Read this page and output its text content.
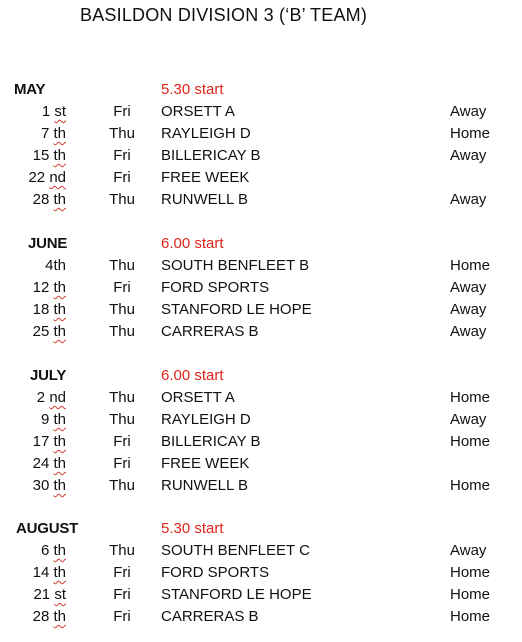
BASILDON DIVISION 3 (‘B’ TEAM)
MAY	5.30 start
1 st	Fri	ORSETT A	Away
7 th	Thu	RAYLEIGH D	Home
15 th	Fri	BILLERICAY B	Away
22 nd	Fri	FREE WEEK
28 th	Thu	RUNWELL B	Away
JUNE	6.00 start
4th	Thu	SOUTH BENFLEET B	Home
12 th	Fri	FORD SPORTS	Away
18 th	Thu	STANFORD LE HOPE	Away
25 th	Thu	CARRERAS B	Away
JULY	6.00 start
2 nd	Thu	ORSETT A	Home
9 th	Thu	RAYLEIGH D	Away
17 th	Fri	BILLERICAY B	Home
24 th	Fri	FREE WEEK
30 th	Thu	RUNWELL B	Home
AUGUST	5.30 start
6 th	Thu	SOUTH BENFLEET C	Away
14 th	Fri	FORD SPORTS	Home
21 st	Fri	STANFORD LE HOPE	Home
28 th	Fri	CARRERAS B	Home
